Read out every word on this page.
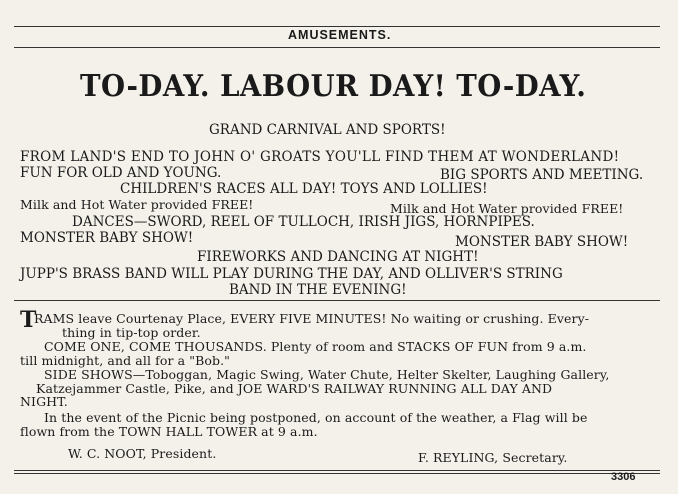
AMUSEMENTS.
TO-DAY. LABOUR DAY! TO-DAY.
GRAND CARNIVAL AND SPORTS!
FROM LAND'S END TO JOHN O' GROATS YOU'LL FIND THEM AT WONDERLAND!
FUN FOR OLD AND YOUNG.	BIG SPORTS AND MEETING.
CHILDREN'S RACES ALL DAY! TOYS AND LOLLIES!
Milk and Hot Water provided FREE!	Milk and Hot Water provided FREE!
DANCES—SWORD, REEL OF TULLOCH, IRISH JIGS, HORNPIPES.
MONSTER BABY SHOW!	MONSTER BABY SHOW!
FIREWORKS AND DANCING AT NIGHT!
JUPP'S BRASS BAND WILL PLAY DURING THE DAY, AND OLLIVER'S STRING
BAND IN THE EVENING!
T
RAMS leave Courtenay Place, EVERY FIVE MINUTES! No waiting or crushing. Every-
thing in tip-top order.
COME ONE, COME THOUSANDS. Plenty of room and STACKS OF FUN from 9 a.m.
till midnight, and all for a "Bob."
SIDE SHOWS—Toboggan, Magic Swing, Water Chute, Helter Skelter, Laughing Gallery,
Katzejammer Castle, Pike, and JOE WARD'S RAILWAY RUNNING ALL DAY AND
NIGHT.
In the event of the Picnic being postponed, on account of the weather, a Flag will be
flown from the TOWN HALL TOWER at 9 a.m.
W. C. NOOT, President.	F. REYLING, Secretary.
3306
